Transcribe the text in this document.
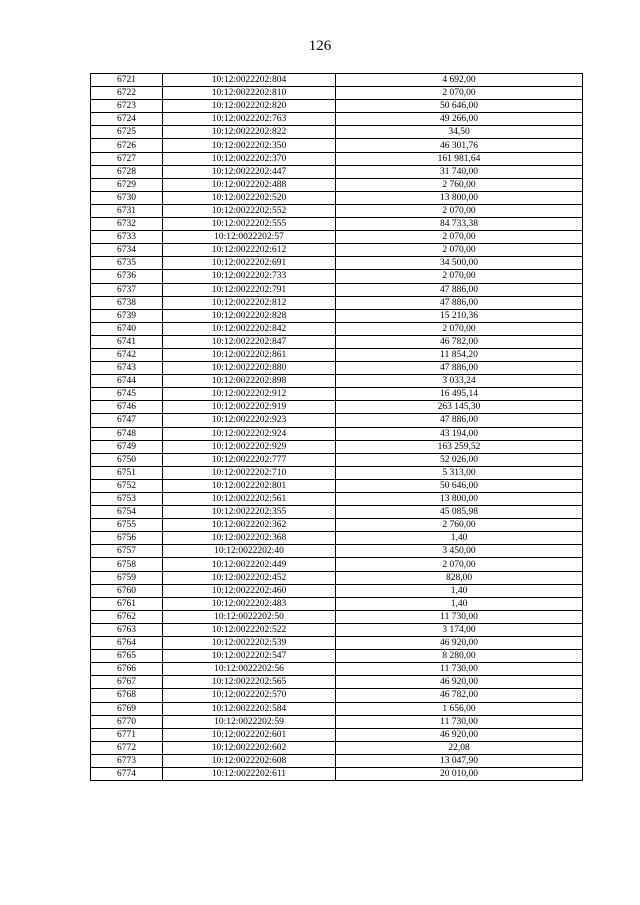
126
6721	10:12:0022202:804	4 692,00
6722	10:12:0022202:810	2 070,00
6723	10:12:0022202:820	50 646,00
6724	10:12:0022202:763	49 266,00
6725	10:12:0022202:822	34,50
6726	10:12:0022202:350	46 301,76
6727	10:12:0022202:370	161 981,64
6728	10:12:0022202:447	31 740,00
6729	10:12:0022202:488	2 760,00
6730	10:12:0022202:520	13 800,00
6731	10:12:0022202:552	2 070,00
6732	10:12:0022202:555	84 733,38
6733	10:12:0022202:57	2 070,00
6734	10:12:0022202:612	2 070,00
6735	10:12:0022202:691	34 500,00
6736	10:12:0022202:733	2 070,00
6737	10:12:0022202:791	47 886,00
6738	10:12:0022202:812	47 886,00
6739	10:12:0022202:828	15 210,36
6740	10:12:0022202:842	2 070,00
6741	10:12:0022202:847	46 782,00
6742	10:12:0022202:861	11 854,20
6743	10:12:0022202:880	47 886,00
6744	10:12:0022202:898	3 033,24
6745	10:12:0022202:912	16 495,14
6746	10:12:0022202:919	263 145,30
6747	10:12:0022202:923	47 886,00
6748	10:12:0022202:924	43 194,00
6749	10:12:0022202:929	163 259,52
6750	10:12:0022202:777	52 026,00
6751	10:12:0022202:710	5 313,00
6752	10:12:0022202:801	50 646,00
6753	10:12:0022202:561	13 800,00
6754	10:12:0022202:355	45 085,98
6755	10:12:0022202:362	2 760,00
6756	10:12:0022202:368	1,40
6757	10:12:0022202:40	3 450,00
6758	10:12:0022202:449	2 070,00
6759	10:12:0022202:452	828,00
6760	10:12:0022202:460	1,40
6761	10:12:0022202:483	1,40
6762	10:12:0022202:50	11 730,00
6763	10:12:0022202:522	3 174,00
6764	10:12:0022202:539	46 920,00
6765	10:12:0022202:547	8 280,00
6766	10:12:0022202:56	11 730,00
6767	10:12:0022202:565	46 920,00
6768	10:12:0022202:570	46 782,00
6769	10:12:0022202:584	1 656,00
6770	10:12:0022202:59	11 730,00
6771	10:12:0022202:601	46 920,00
6772	10:12:0022202:602	22,08
6773	10:12:0022202:608	13 047,90
6774	10:12:0022202:611	20 010,00
